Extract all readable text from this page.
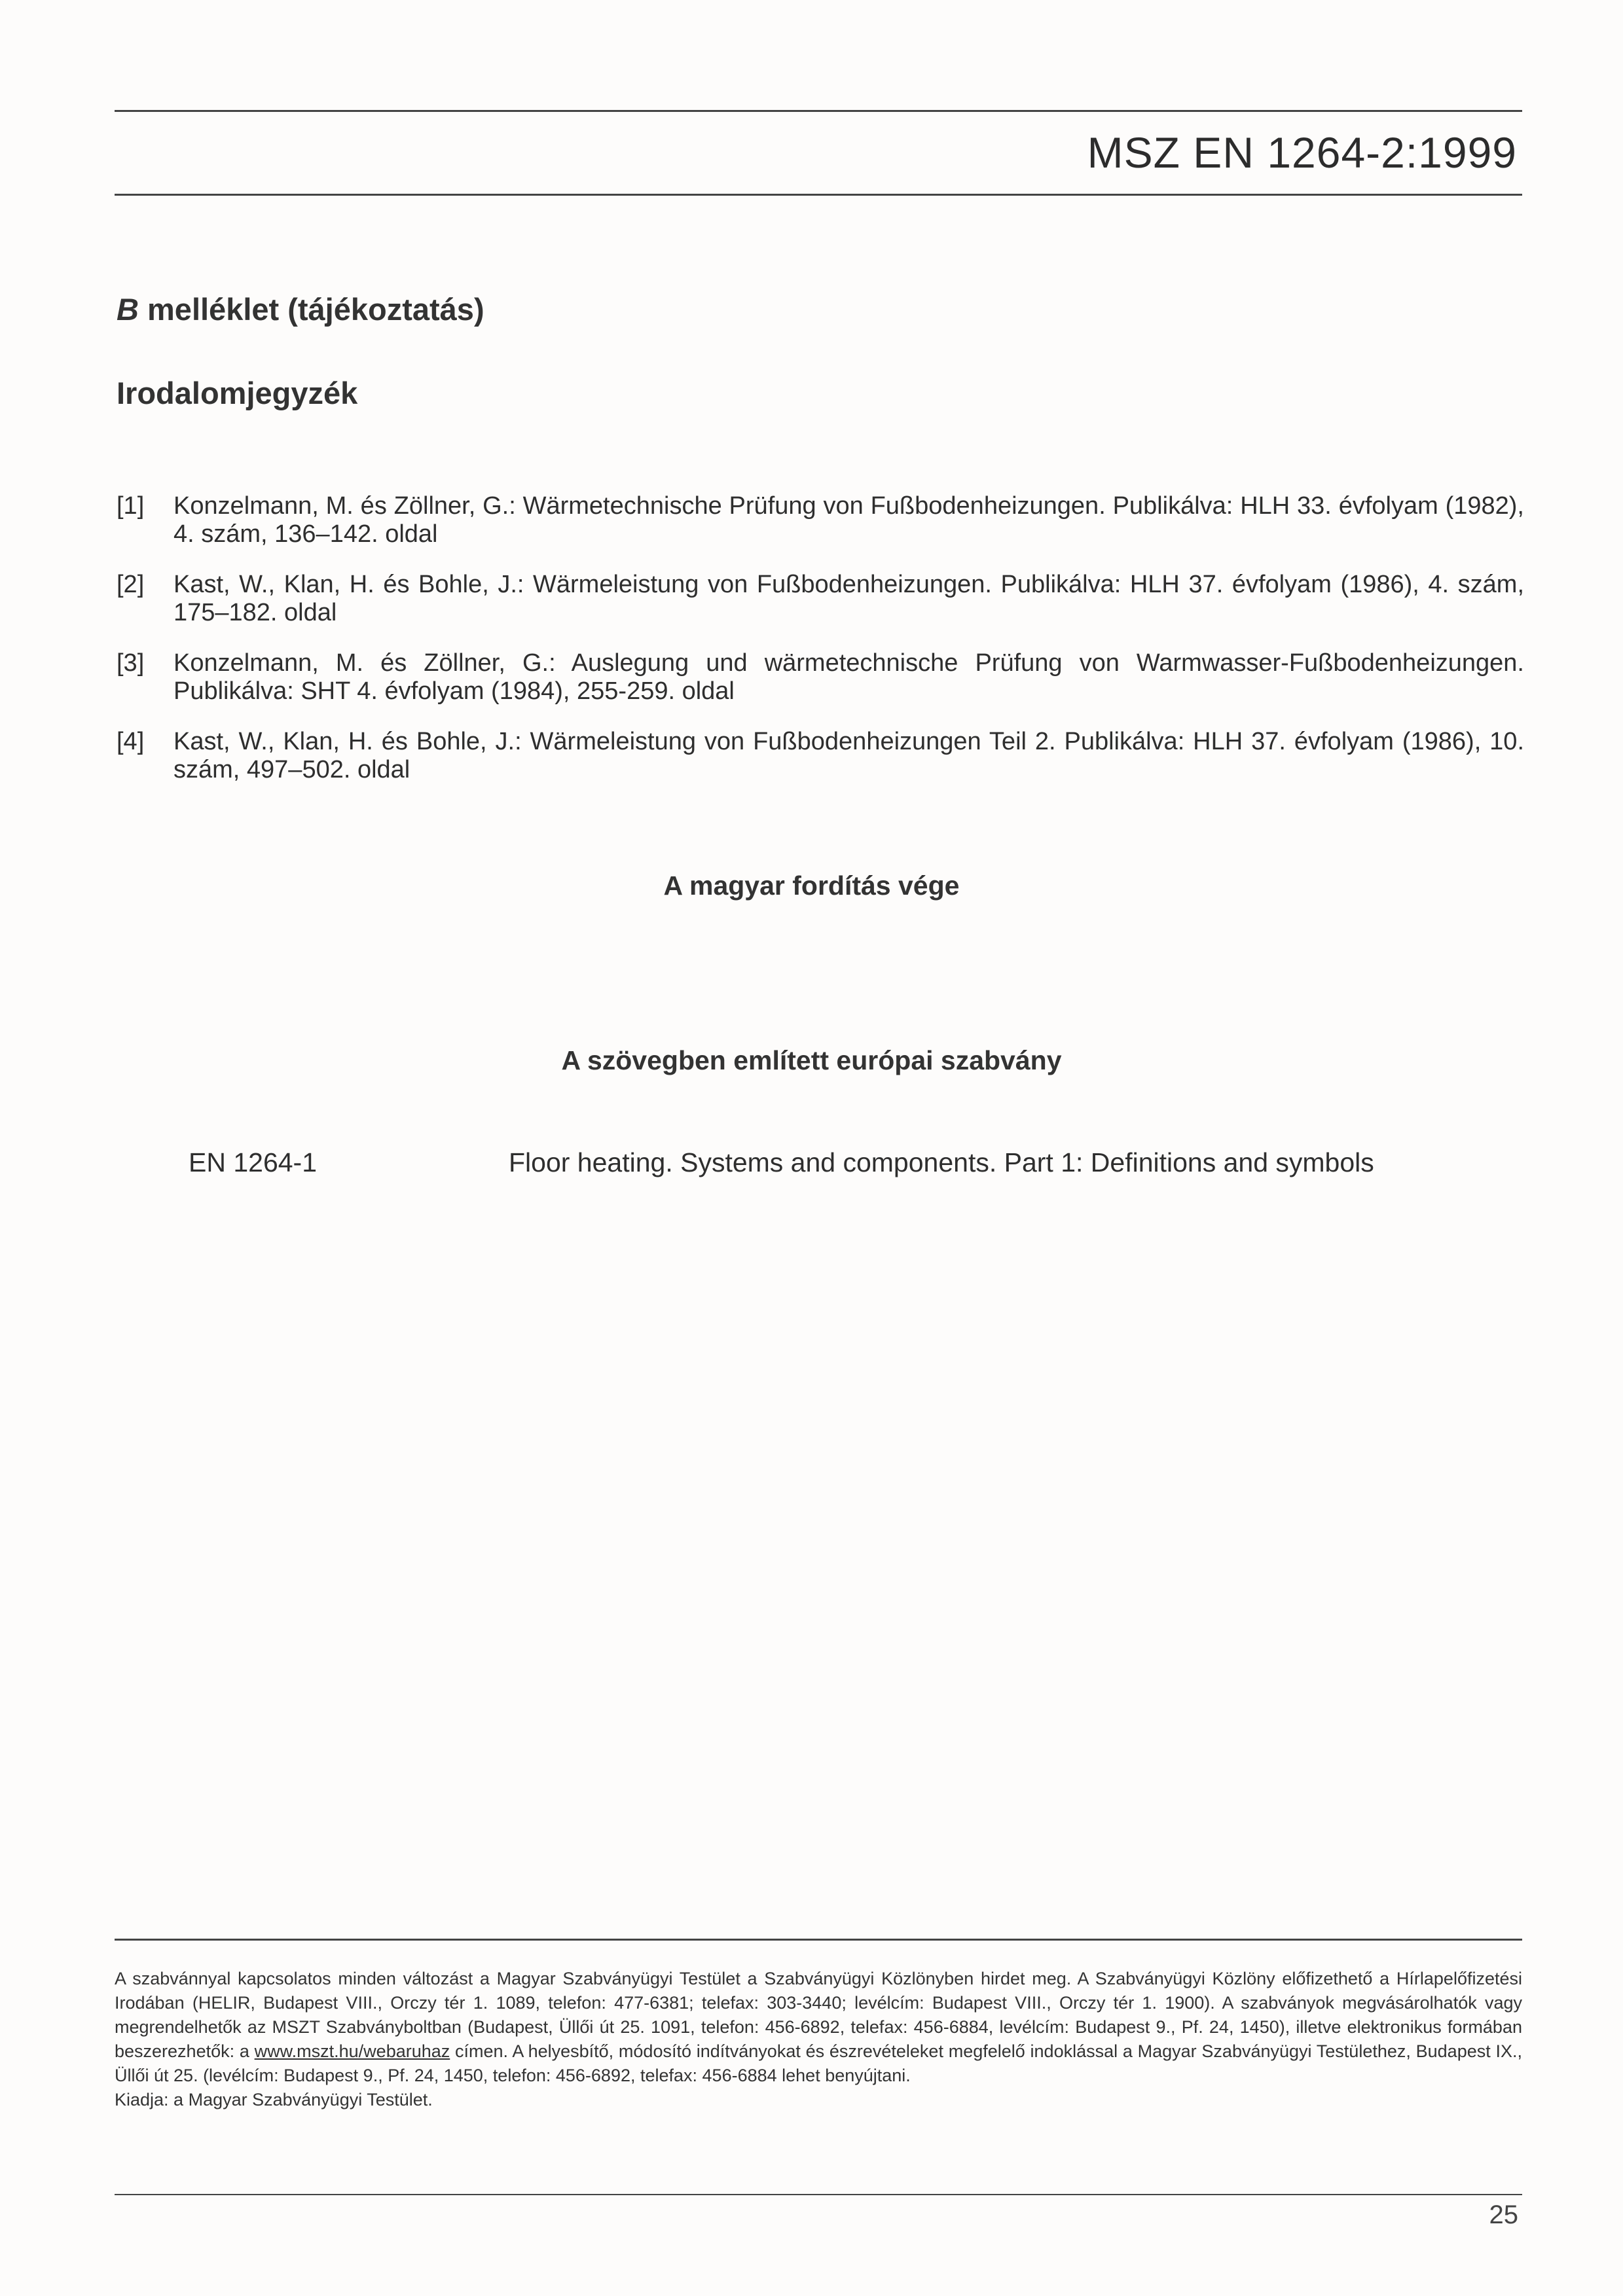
MSZ EN 1264-2:1999
B melléklet (tájékoztatás)
Irodalomjegyzék
[1] Konzelmann, M. és Zöllner, G.: Wärmetechnische Prüfung von Fußbodenheizungen. Publikálva: HLH 33. évfolyam (1982), 4. szám, 136–142. oldal
[2] Kast, W., Klan, H. és Bohle, J.: Wärmeleistung von Fußbodenheizungen. Publikálva: HLH 37. évfolyam (1986), 4. szám, 175–182. oldal
[3] Konzelmann, M. és Zöllner, G.: Auslegung und wärmetechnische Prüfung von Warmwasser-Fußbodenheizungen. Publikálva: SHT 4. évfolyam (1984), 255-259. oldal
[4] Kast, W., Klan, H. és Bohle, J.: Wärmeleistung von Fußbodenheizungen Teil 2. Publikálva: HLH 37. évfolyam (1986), 10. szám, 497–502. oldal
A magyar fordítás vége
A szövegben említett európai szabvány
EN 1264-1	Floor heating. Systems and components. Part 1: Definitions and symbols

A szabvánnyal kapcsolatos minden változást a Magyar Szabványügyi Testület a Szabványügyi Közlönyben hirdet meg. A Szabványügyi Közlöny előfizethető a Hírlapelőfizetési Irodában (HELIR, Budapest VIII., Orczy tér 1. 1089, telefon: 477-6381; telefax: 303-3440; levélcím: Budapest VIII., Orczy tér 1. 1900). A szabványok megvásárolhatók vagy megrendelhetők az MSZT Szabványboltban (Budapest, Üllői út 25. 1091, telefon: 456-6892, telefax: 456-6884, levélcím: Budapest 9., Pf. 24, 1450), illetve elektronikus formában beszerezhetők: a www.mszt.hu/webaruhaz címen. A helyesbítő, módosító indítványokat és észrevételeket megfelelő indoklással a Magyar Szabványügyi Testülethez, Budapest IX., Üllői út 25. (levélcím: Budapest 9., Pf. 24, 1450, telefon: 456-6892, telefax: 456-6884 lehet benyújtani.

Kiadja: a Magyar Szabványügyi Testület.

25
